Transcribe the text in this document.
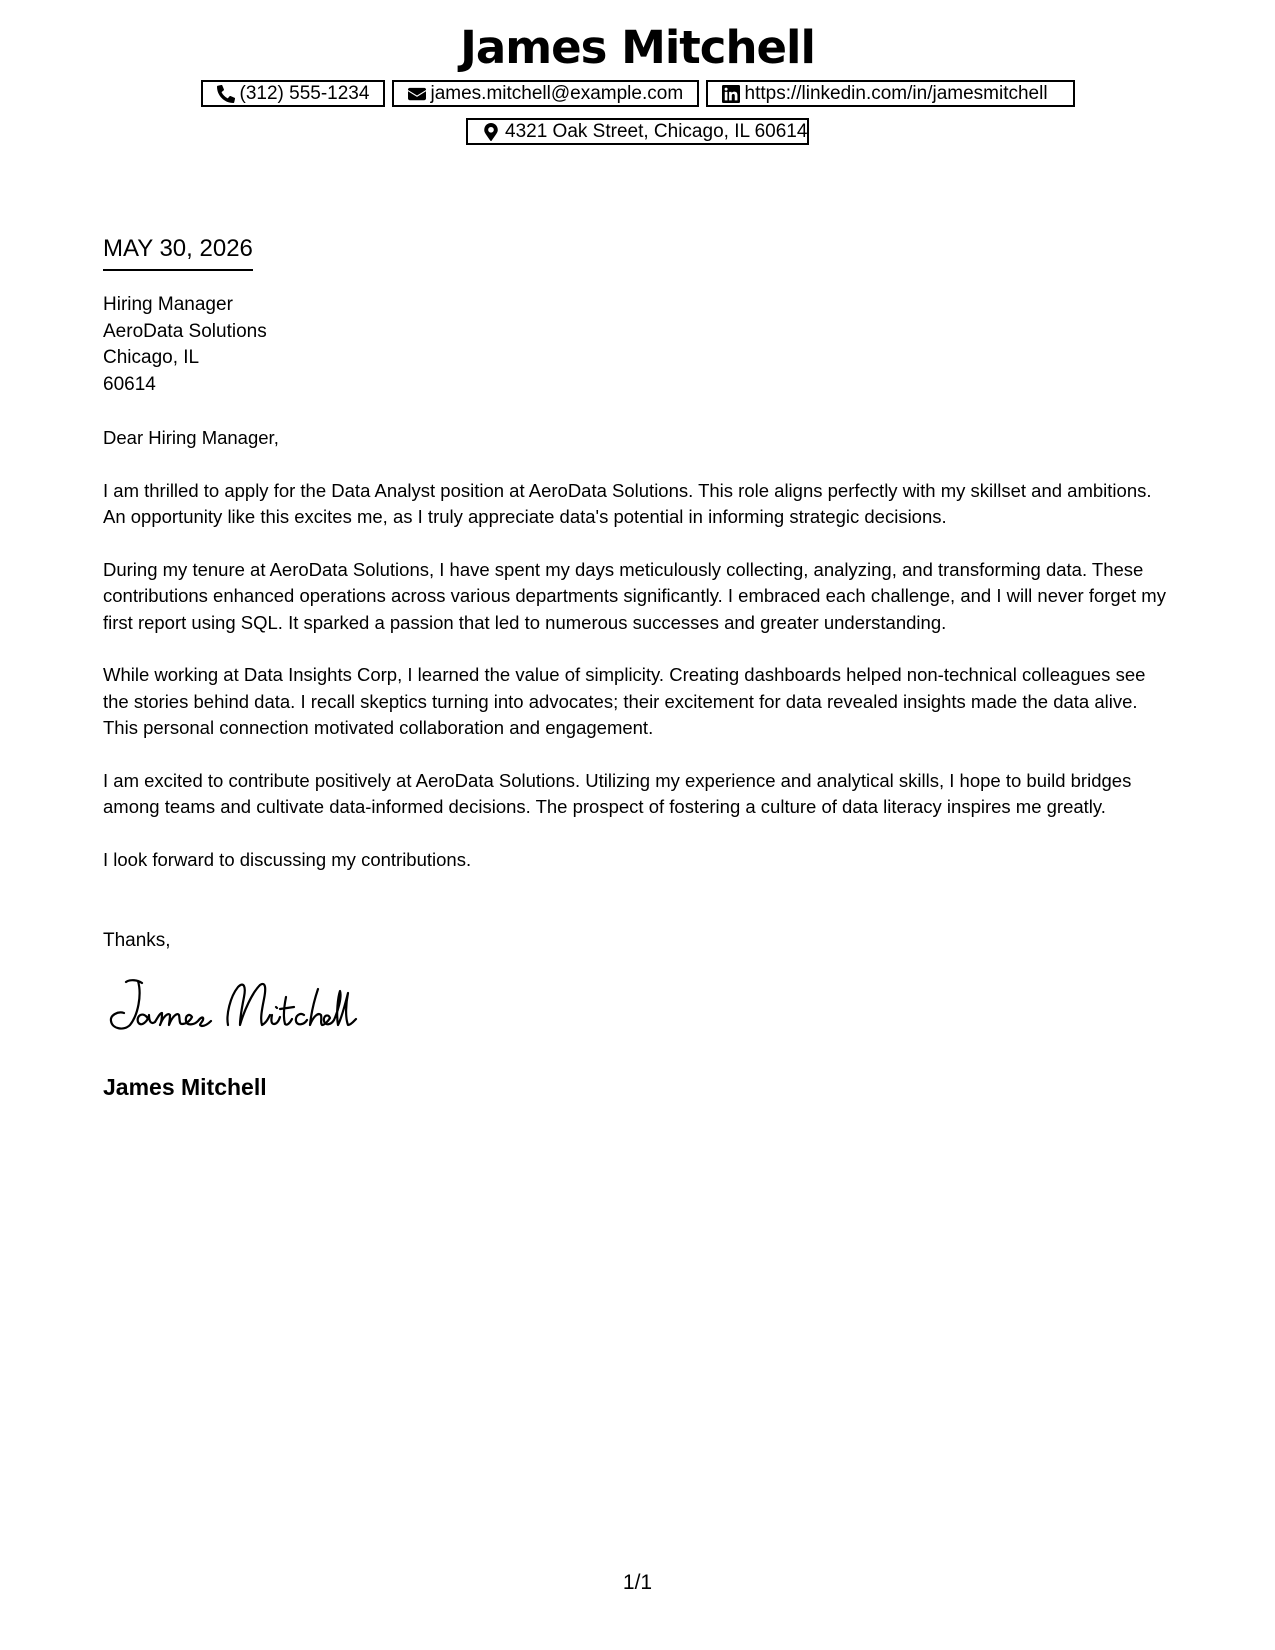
James Mitchell
(312) 555-1234	james.mitchell@example.com	https://linkedin.com/in/jamesmitchell
4321 Oak Street, Chicago, IL 60614
MAY 30, 2026
Hiring Manager
AeroData Solutions
Chicago, IL
60614

Dear Hiring Manager,

I am thrilled to apply for the Data Analyst position at AeroData Solutions. This role aligns perfectly with my skillset and ambitions. An opportunity like this excites me, as I truly appreciate data's potential in informing strategic decisions.

During my tenure at AeroData Solutions, I have spent my days meticulously collecting, analyzing, and transforming data. These contributions enhanced operations across various departments significantly. I embraced each challenge, and I will never forget my first report using SQL. It sparked a passion that led to numerous successes and greater understanding.

While working at Data Insights Corp, I learned the value of simplicity. Creating dashboards helped non-technical colleagues see the stories behind data. I recall skeptics turning into advocates; their excitement for data revealed insights made the data alive. This personal connection motivated collaboration and engagement.

I am excited to contribute positively at AeroData Solutions. Utilizing my experience and analytical skills, I hope to build bridges among teams and cultivate data-informed decisions. The prospect of fostering a culture of data literacy inspires me greatly.

I look forward to discussing my contributions.

Thanks,
James Mitchell
1/1
